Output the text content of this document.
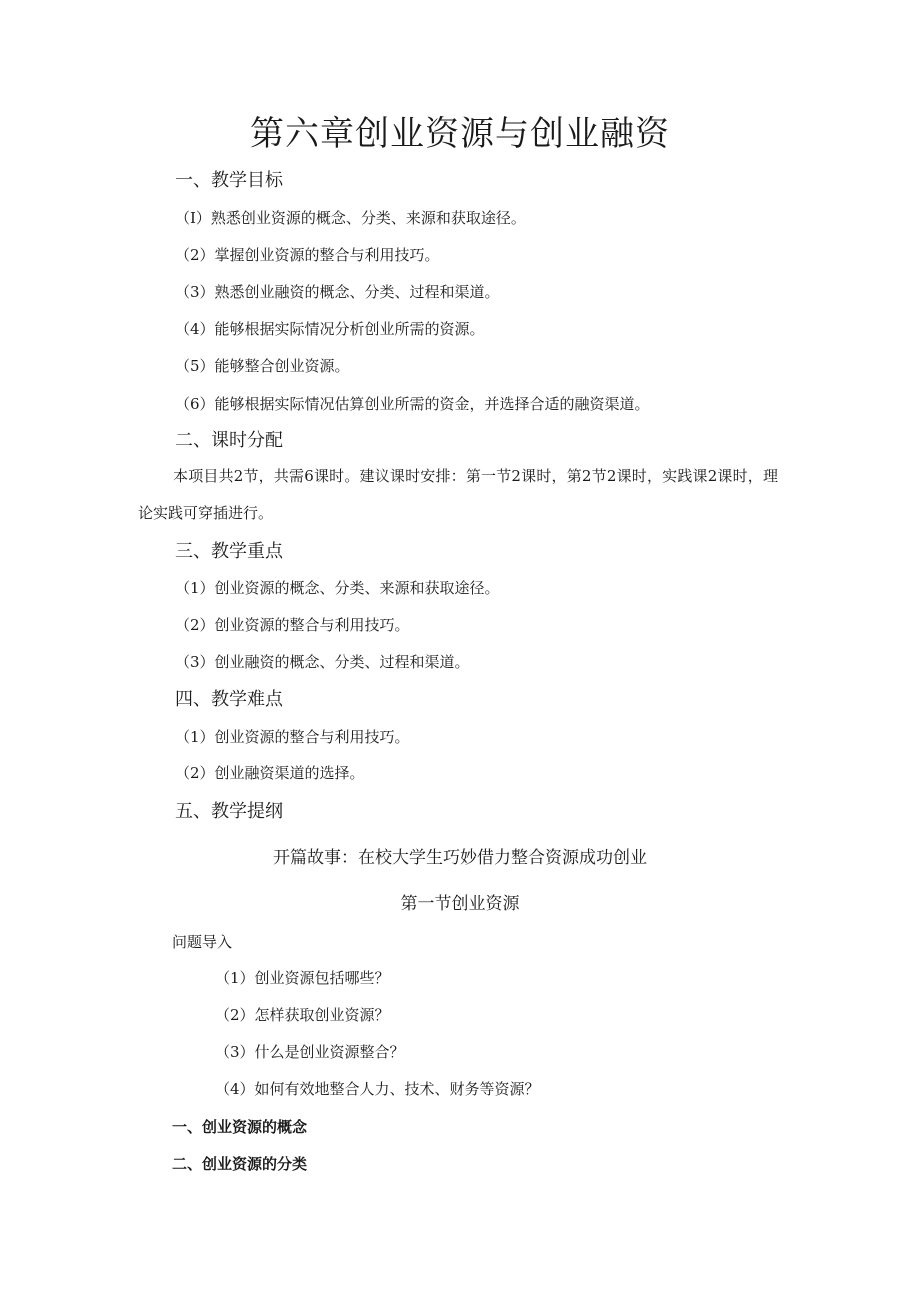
第六章创业资源与创业融资
一、教学目标
（I）熟悉创业资源的概念、分类、来源和获取途径。
（2）掌握创业资源的整合与利用技巧。
（3）熟悉创业融资的概念、分类、过程和渠道。
（4）能够根据实际情况分析创业所需的资源。
（5）能够整合创业资源。
（6）能够根据实际情况估算创业所需的资金，并选择合适的融资渠道。
二、课时分配
本项目共2节，共需6课时。建议课时安排：第一节2课时，第2节2课时，实践课2课时，理论实践可穿插进行。
三、教学重点
（1）创业资源的概念、分类、来源和获取途径。
（2）创业资源的整合与利用技巧。
（3）创业融资的概念、分类、过程和渠道。
四、教学难点
（1）创业资源的整合与利用技巧。
（2）创业融资渠道的选择。
五、教学提纲
开篇故事：在校大学生巧妙借力整合资源成功创业
第一节创业资源
问题导入
（1）创业资源包括哪些？
（2）怎样获取创业资源？
（3）什么是创业资源整合？
（4）如何有效地整合人力、技术、财务等资源？
一、创业资源的概念
二、创业资源的分类
